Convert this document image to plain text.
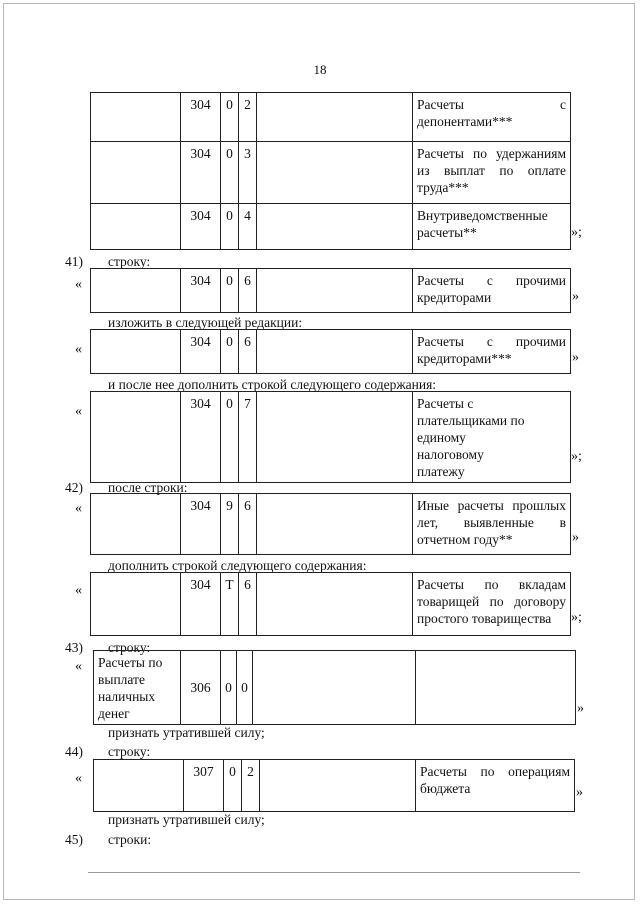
18
	304	0	2		Расчеты с депонентами***
	304	0	3		Расчеты по удержаниям из выплат по оплате труда***
	304	0	4		Внутриведомственные расчеты**	»;
41) строку:
«
		304	0	6		Расчеты с прочими кредиторами	»
изложить в следующей редакции:
«
	304	0	6		Расчеты с прочими кредиторами***	»
и после нее дополнить строкой следующего содержания:
«
	304	0	7		Расчеты с плательщиками по единому налоговому платежу
»;
42) после строки:
«
		304	9	6		Иные расчеты прошлых лет, выявленные в отчетном году**	»
дополнить строкой следующего содержания:
«
		304	Т	6		Расчеты по вкладам товарищей по договору простого товарищества »;
43) строку:
« Расчеты по выплате наличных денег	306	0	0		
»
признать утратившей силу;
44) строку:
«
		307	0	2		Расчеты по операциям бюджета	»
признать утратившей силу;
45) строки:
